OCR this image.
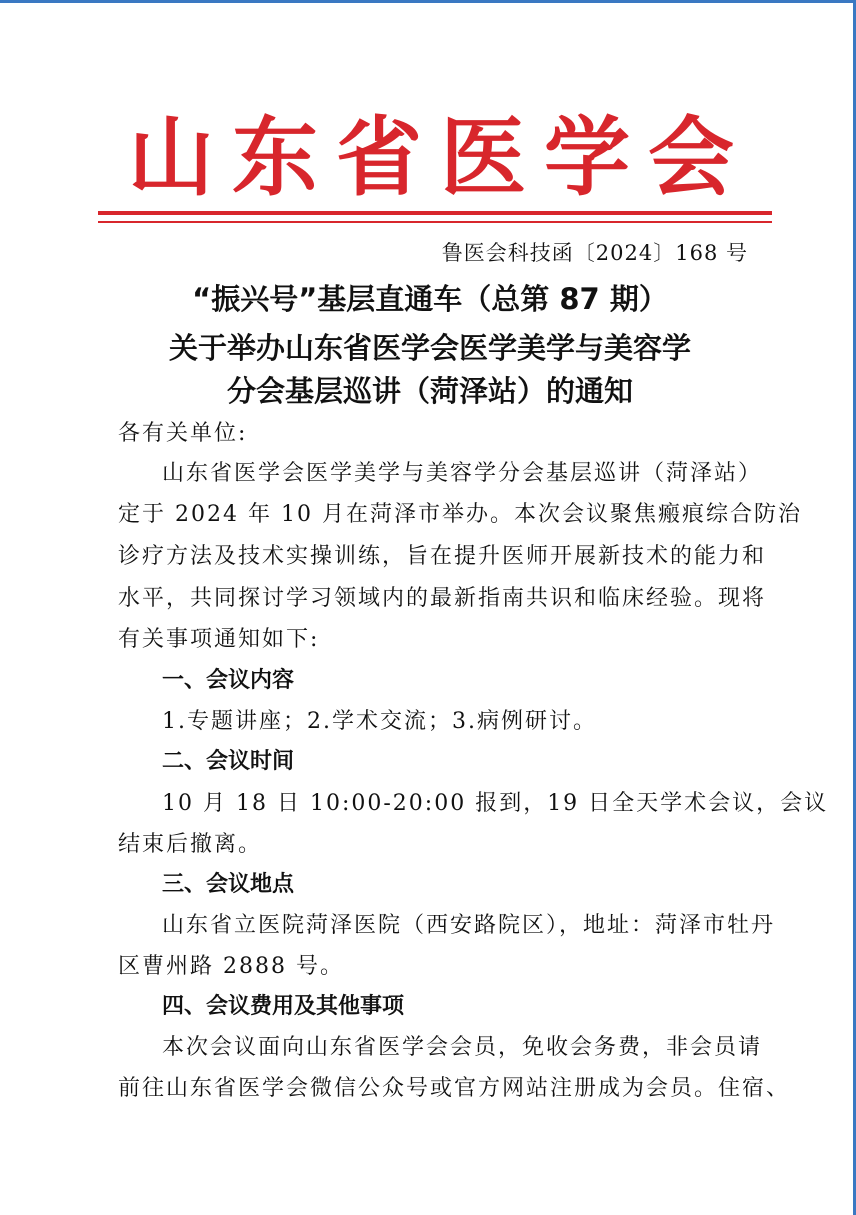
山东省医学会
鲁医会科技函〔2024〕168 号
“振兴号”基层直通车（总第 87 期）
关于举办山东省医学会医学美学与美容学
分会基层巡讲（菏泽站）的通知
各有关单位:
山东省医学会医学美学与美容学分会基层巡讲（菏泽站）
定于 2024 年 10 月在菏泽市举办。本次会议聚焦瘢痕综合防治
诊疗方法及技术实操训练，旨在提升医师开展新技术的能力和
水平，共同探讨学习领域内的最新指南共识和临床经验。现将
有关事项通知如下:
一、会议内容
1.专题讲座；2.学术交流；3.病例研讨。
二、会议时间
10 月 18 日 10:00-20:00 报到，19 日全天学术会议，会议
结束后撤离。
三、会议地点
山东省立医院菏泽医院（西安路院区），地址：菏泽市牡丹
区曹州路 2888 号。
四、会议费用及其他事项
本次会议面向山东省医学会会员，免收会务费，非会员请
前往山东省医学会微信公众号或官方网站注册成为会员。住宿、
